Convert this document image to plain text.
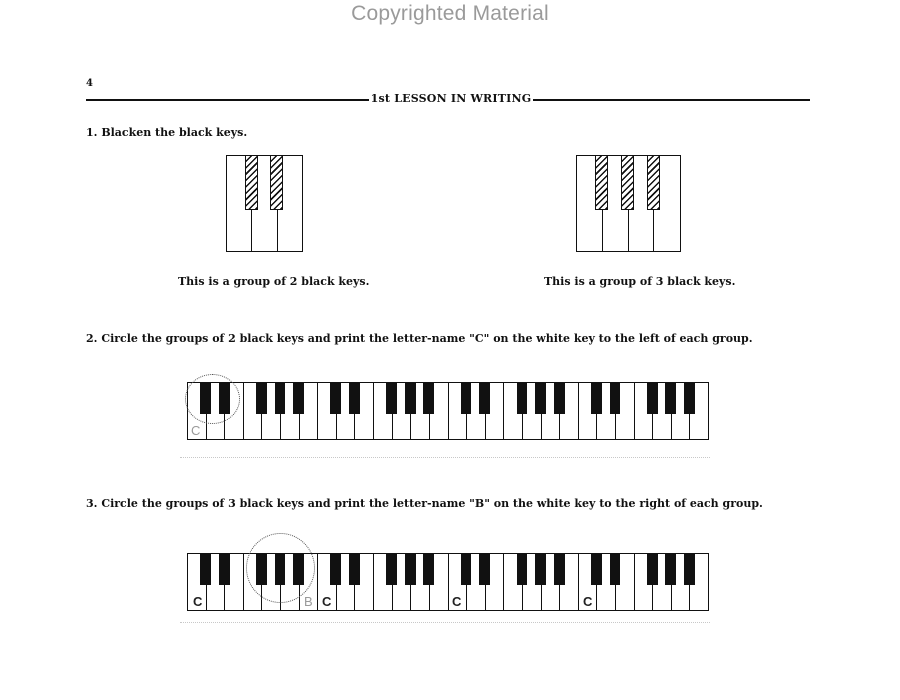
Copyrighted Material
4
1st LESSON IN WRITING
1. Blacken the black keys.
This is a group of 2 black keys.	This is a group of 3 black keys.
2. Circle the groups of 2 black keys and print the letter-name "C" on the white key to the left of each group.
C
3. Circle the groups of 3 black keys and print the letter-name "B" on the white key to the right of each group.
C	B C	C	C
